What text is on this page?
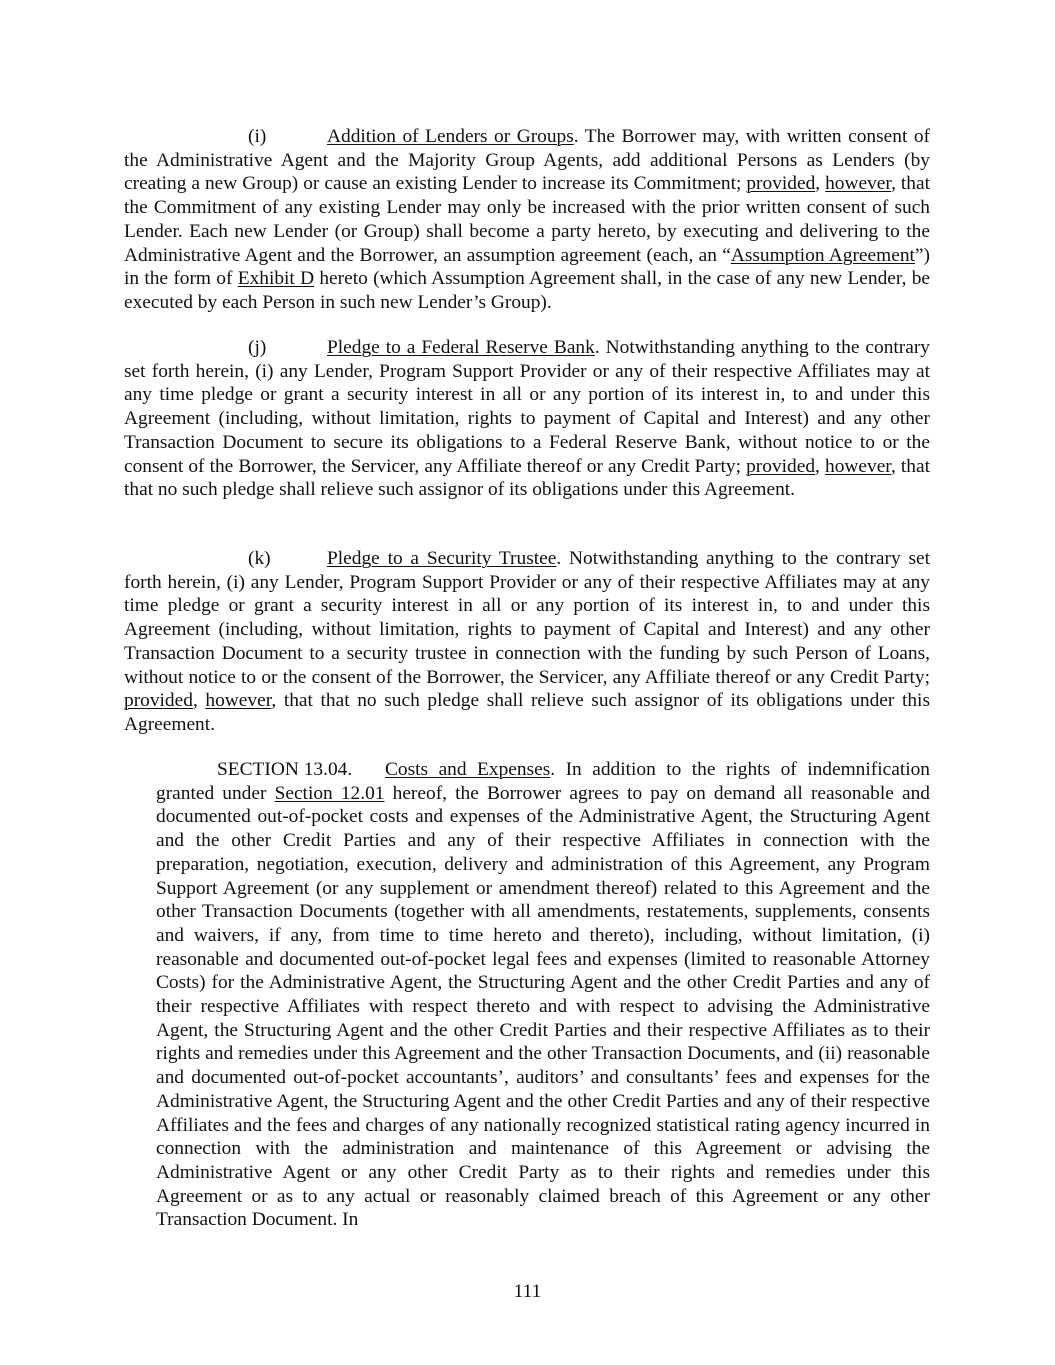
(i)	Addition of Lenders or Groups. The Borrower may, with written consent of the Administrative Agent and the Majority Group Agents, add additional Persons as Lenders (by creating a new Group) or cause an existing Lender to increase its Commitment; provided, however, that the Commitment of any existing Lender may only be increased with the prior written consent of such Lender. Each new Lender (or Group) shall become a party hereto, by executing and delivering to the Administrative Agent and the Borrower, an assumption agreement (each, an “Assumption Agreement”) in the form of Exhibit D hereto (which Assumption Agreement shall, in the case of any new Lender, be executed by each Person in such new Lender’s Group).

(j)	Pledge to a Federal Reserve Bank. Notwithstanding anything to the contrary set forth herein, (i) any Lender, Program Support Provider or any of their respective Affiliates may at any time pledge or grant a security interest in all or any portion of its interest in, to and under this Agreement (including, without limitation, rights to payment of Capital and Interest) and any other Transaction Document to secure its obligations to a Federal Reserve Bank, without notice to or the consent of the Borrower, the Servicer, any Affiliate thereof or any Credit Party; provided, however, that that no such pledge shall relieve such assignor of its obligations under this Agreement.

(k)	Pledge to a Security Trustee. Notwithstanding anything to the contrary set forth herein, (i) any Lender, Program Support Provider or any of their respective Affiliates may at any time pledge or grant a security interest in all or any portion of its interest in, to and under this Agreement (including, without limitation, rights to payment of Capital and Interest) and any other Transaction Document to a security trustee in connection with the funding by such Person of Loans, without notice to or the consent of the Borrower, the Servicer, any Affiliate thereof or any Credit Party; provided, however, that that no such pledge shall relieve such assignor of its obligations under this Agreement.

SECTION 13.04. Costs and Expenses. In addition to the rights of indemnification granted under Section 12.01 hereof, the Borrower agrees to pay on demand all reasonable and documented out-of-pocket costs and expenses of the Administrative Agent, the Structuring Agent and the other Credit Parties and any of their respective Affiliates in connection with the preparation, negotiation, execution, delivery and administration of this Agreement, any Program Support Agreement (or any supplement or amendment thereof) related to this Agreement and the other Transaction Documents (together with all amendments, restatements, supplements, consents and waivers, if any, from time to time hereto and thereto), including, without limitation, (i) reasonable and documented out-of-pocket legal fees and expenses (limited to reasonable Attorney Costs) for the Administrative Agent, the Structuring Agent and the other Credit Parties and any of their respective Affiliates with respect thereto and with respect to advising the Administrative Agent, the Structuring Agent and the other Credit Parties and their respective Affiliates as to their rights and remedies under this Agreement and the other Transaction Documents, and (ii) reasonable and documented out-of-pocket accountants’, auditors’ and consultants’ fees and expenses for the Administrative Agent, the Structuring Agent and the other Credit Parties and any of their respective Affiliates and the fees and charges of any nationally recognized statistical rating agency incurred in connection with the administration and maintenance of this Agreement or advising the Administrative Agent or any other Credit Party as to their rights and remedies under this Agreement or as to any actual or reasonably claimed breach of this Agreement or any other Transaction Document. In

111
